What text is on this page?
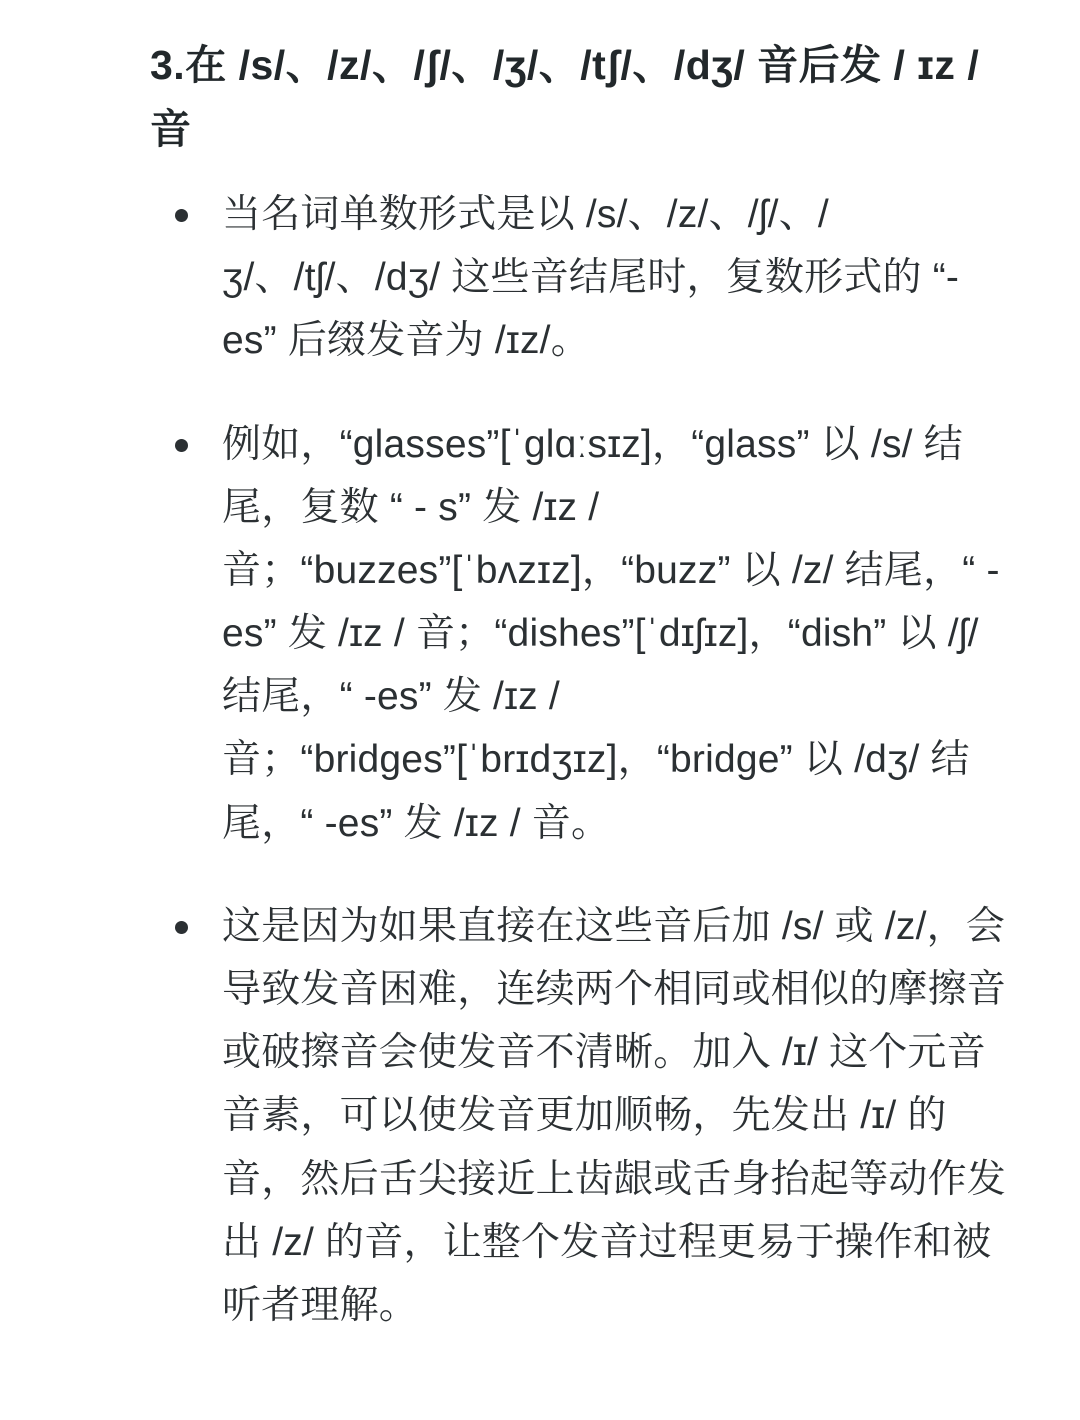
3.在 /s/、/z/、/ʃ/、/ʒ/、/tʃ/、/dʒ/ 音后发 / ɪz / 音
当名词单数形式是以 /s/、/z/、/ʃ/、/ʒ/、/tʃ/、/dʒ/ 这些音结尾时，复数形式的 “- es” 后缀发音为 /ɪz/。
例如，“glasses”[ˈglɑːsɪz]，“glass” 以 /s/ 结尾，复数 “ - s” 发 /ɪz / 音；“buzzes”[ˈbʌzɪz]，“buzz” 以 /z/ 结尾，“ -es” 发 /ɪz / 音；“dishes”[ˈdɪʃɪz]，“dish” 以 /ʃ/ 结尾，“ -es” 发 /ɪz / 音；“bridges”[ˈbrɪdʒɪz]，“bridge” 以 /dʒ/ 结尾，“ -es” 发 /ɪz / 音。
这是因为如果直接在这些音后加 /s/ 或 /z/，会导致发音困难，连续两个相同或相似的摩擦音或破擦音会使发音不清晰。加入 /ɪ/ 这个元音音素，可以使发音更加顺畅，先发出 /ɪ/ 的音，然后舌尖接近上齿龈或舌身抬起等动作发出 /z/ 的音，让整个发音过程更易于操作和被听者理解。
